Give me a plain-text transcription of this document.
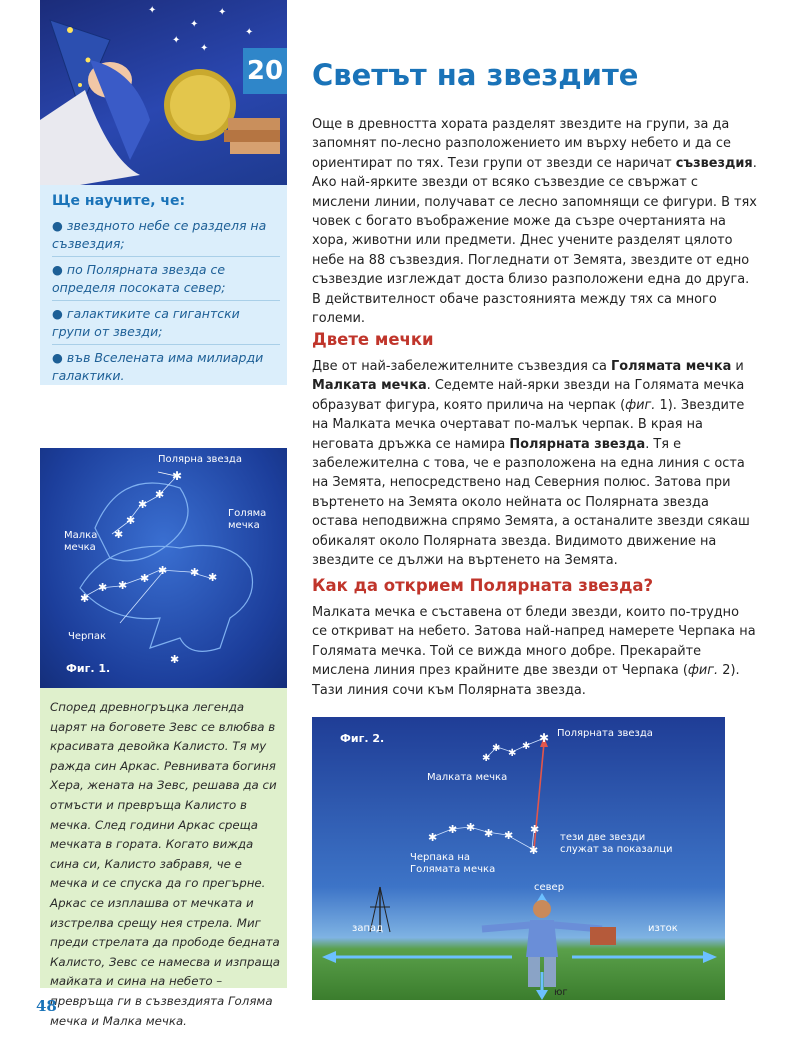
✦
✦
✦
✦
✦
✦
Ще научите, че:
● звездното небе се разделя на съзвездия;
● по Полярната звезда се определя посоката север;
● галактиките са гигантски групи от звезди;
● във Вселената има милиарди галактики.
✱
✱
✱
✱
✱
✱
✱ ✱
✱
✱ ✱ ✱
✱
Полярна звезда
Голяма мечка
Малка мечка
Черпак
Фиг. 1.
Според древногръцка легенда царят на боговете Зевс се влюбва в красивата девойка Калисто. Тя му ражда син Аркас. Ревнивата богиня Хера, жената на Зевс, решава да си отмъсти и превръща Калисто в мечка. След години Аркас среща мечката в гората. Когато вижда сина си, Калисто забравя, че е мечка и се спуска да го прегърне. Аркас се изплашва от мечката и изстрелва срещу нея стрела. Миг преди стрелата да прободе бедната Калисто, Зевс се намесва и изпраща майката и сина на небето – превръща ги в съзвездията Голяма мечка и Малка мечка.
20
48
Светът на звездите

Още в древността хората разделят звездите на групи, за да запомнят по-лесно разположението им върху небето и да се ориентират по тях. Тези групи от звезди се наричат съзвездия. Ако най-ярките звезди от всяко съзвездие се свържат с мислени линии, получават се лесно запомнящи се фигури. В тях човек с богато въображение може да съзре очертанията на хора, животни или предмети. Днес учените разделят цялото небе на 88 съзвездия. Погледнати от Земята, звездите от едно съзвездие изглеждат доста близо разположени една до друга. В действителност обаче разстоянията между тях са много големи.

Двете мечки

Две от най-забележителните съзвездия са Голямата мечка и Малката мечка. Седемте най-ярки звезди на Голямата мечка образуват фигура, която прилича на черпак (фиг. 1). Звездите на Малката мечка очертават по-малък черпак. В края на неговата дръжка се намира Полярната звезда. Тя е забележителна с това, че е разположена на една линия с оста на Земята, непосредствено над Северния полюс. Затова при въртенето на Земята около нейната ос Полярната звезда остава неподвижна спрямо Земята, а останалите звезди сякаш обикалят около Полярната звезда. Видимото движение на звездите се дължи на въртенето на Земята.

Как да открием Полярната звезда?

Малката мечка е съставена от бледи звезди, които по-трудно се откриват на небето. Затова най-напред намерете Черпака на Голямата мечка. Той се вижда много добре. Прекарайте мислена линия през крайните две звезди от Черпака (фиг. 2). Тази линия сочи към Полярната звезда.

✱
✱ ✱
✱
✱
✱
✱ ✱ ✱ ✱
✱
✱
Фиг. 2.	Полярната звезда
Малката мечка
тези две звезди служат за показалци
Черпака на Голямата мечка
север
запад	изток
юг
